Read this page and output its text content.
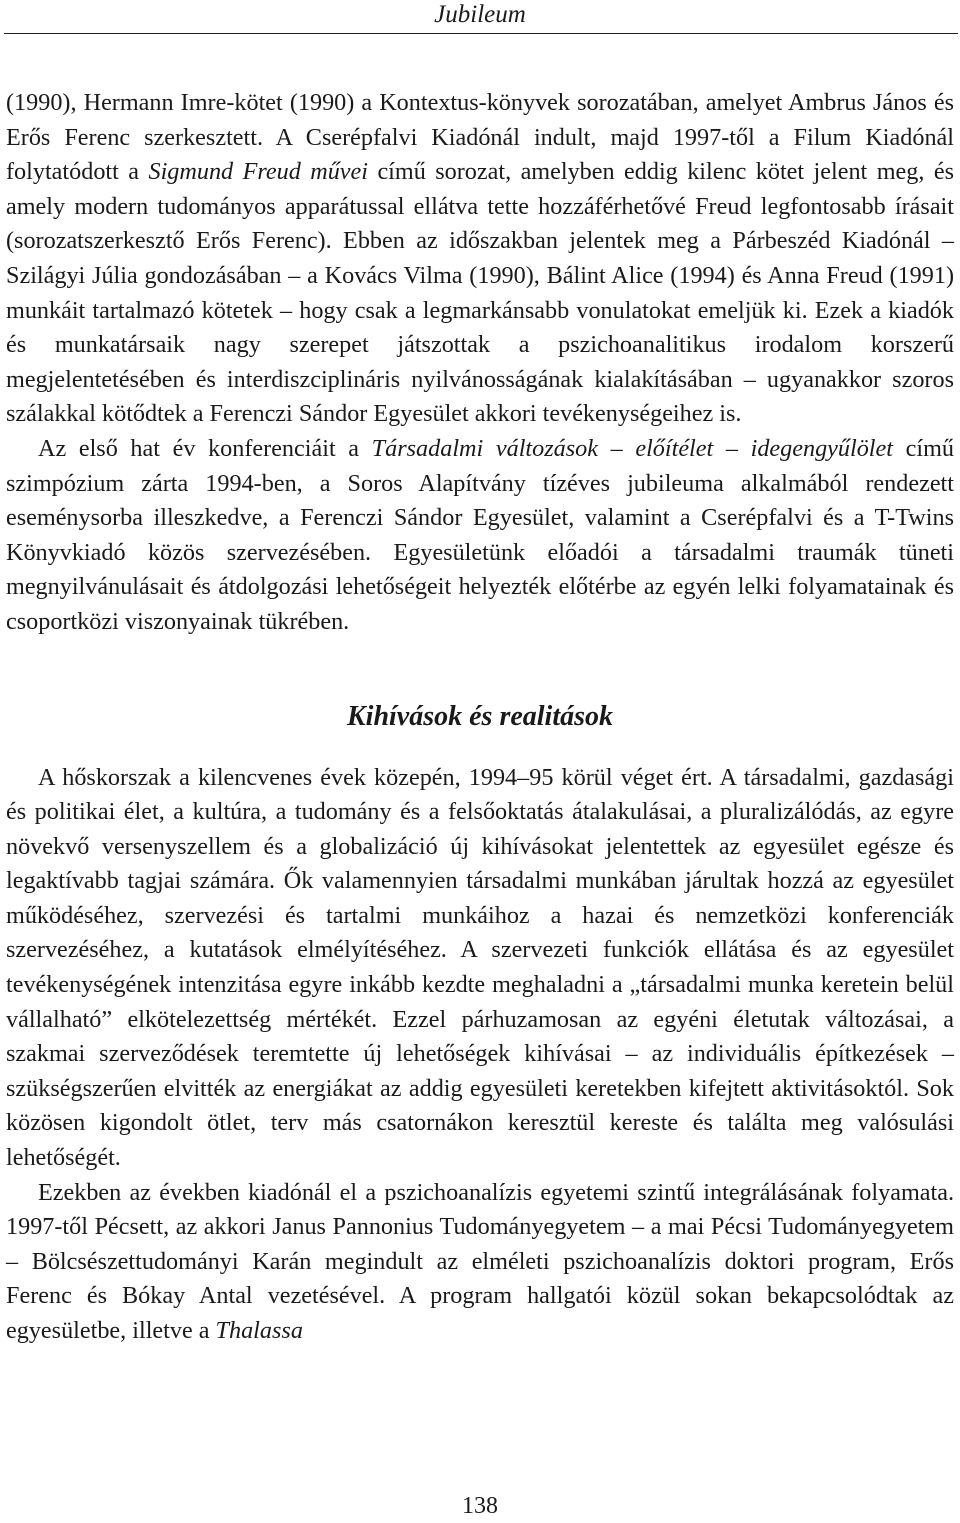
Jubileum

(1990), Hermann Imre-kötet (1990) a Kontextus-könyvek sorozatában, amelyet Ambrus János és Erős Ferenc szerkesztett. A Cserépfalvi Kiadónál indult, majd 1997-től a Filum Kiadónál folytatódott a Sigmund Freud művei című sorozat, amelyben eddig kilenc kötet jelent meg, és amely modern tudományos apparátussal ellátva tette hozzáférhetővé Freud legfontosabb írásait (sorozatszerkesztő Erős Ferenc). Ebben az időszakban jelentek meg a Párbeszéd Kiadónál – Szilágyi Júlia gondozásában – a Kovács Vilma (1990), Bálint Alice (1994) és Anna Freud (1991) munkáit tartalmazó kötetek – hogy csak a legmarkánsabb vonulatokat emeljük ki. Ezek a kiadók és munkatársaik nagy szerepet játszottak a pszichoanalitikus irodalom korszerű megjelentetésében és interdiszciplináris nyilvánosságának kialakításában – ugyanakkor szoros szálakkal kötődtek a Ferenczi Sándor Egyesület akkori tevékenységeihez is.

Az első hat év konferenciáit a Társadalmi változások – előítélet – idegengyűlölet című szimpózium zárta 1994-ben, a Soros Alapítvány tízéves jubileuma alkalmából rendezett eseménysorba illeszkedve, a Ferenczi Sándor Egyesület, valamint a Cserépfalvi és a T-Twins Könyvkiadó közös szervezésében. Egyesületünk előadói a társadalmi traumák tüneti megnyilvánulásait és átdolgozási lehetőségeit helyezték előtérbe az egyén lelki folyamatainak és csoportközi viszonyainak tükrében.

Kihívások és realitások

A hőskorszak a kilencvenes évek közepén, 1994–95 körül véget ért. A társadalmi, gazdasági és politikai élet, a kultúra, a tudomány és a felsőoktatás átalakulásai, a pluralizálódás, az egyre növekvő versenyszellem és a globalizáció új kihívásokat jelentettek az egyesület egésze és legaktívabb tagjai számára. Ők valamennyien társadalmi munkában járultak hozzá az egyesület működéséhez, szervezési és tartalmi munkáihoz a hazai és nemzetközi konferenciák szervezéséhez, a kutatások elmélyítéséhez. A szervezeti funkciók ellátása és az egyesület tevékenységének intenzitása egyre inkább kezdte meghaladni a „társadalmi munka keretein belül vállalható” elkötelezettség mértékét. Ezzel párhuzamosan az egyéni életutak változásai, a szakmai szerveződések teremtette új lehetőségek kihívásai – az individuális építkezések – szükségszerűen elvitték az energiákat az addig egyesületi keretekben kifejtett aktivitásoktól. Sok közösen kigondolt ötlet, terv más csatornákon keresztül kereste és találta meg valósulási lehetőségét.

Ezekben az években kiadónál el a pszichoanalízis egyetemi szintű integrálásának folyamata. 1997-től Pécsett, az akkori Janus Pannonius Tudományegyetem – a mai Pécsi Tudományegyetem – Bölcsészettudományi Karán megindult az elméleti pszichoanalízis doktori program, Erős Ferenc és Bókay Antal vezetésével. A program hallgatói közül sokan bekapcsolódtak az egyesületbe, illetve a Thalassa

138
